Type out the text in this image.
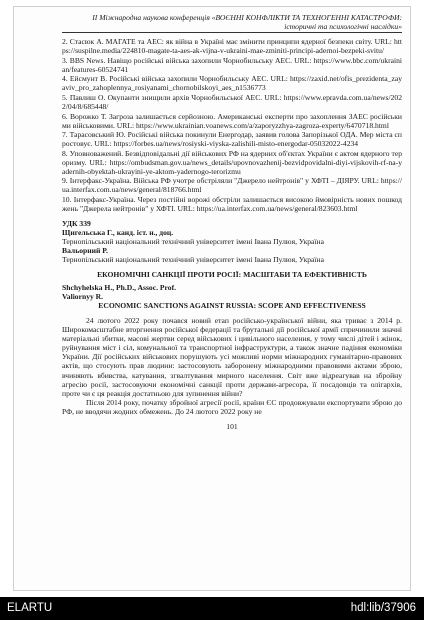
ІІ Міжнародна наукова конференція «ВОЄННІ КОНФЛІКТИ ТА ТЕХНОГЕННІ КАТАСТРОФИ: історичні та психологічні наслідки»
2. Стасюк А. МАГАТЕ та АЕС: як війна в Україні має змінити принципи ядерної безпеки світу. URL: https://suspilne.media/224810-magate-ta-aes-ak-vijna-v-ukraini-mae-zminiti-principi-adernoi-bezpeki-svitu/
3. BBS News. Навіщо російські війська захопили Чорнобильську АЕС. URL: https://www.bbc.com/ukrainian/features-60524741
4. Ейсмунт В. Російські війська захопили Чорнобильську АЕС. URL: https://zaxid.net/ofis_prezidenta_zayaviv_pro_zahoplennya_rosiyanami_chornobilskoyi_aes_n1536773
5. Павлиш О. Окупанти знищили архів Чорнобильської АЕС. URL: https://www.epravda.com.ua/news/2022/04/8/685448/
6. Ворожко Т. Загроза залишається серйозною. Американські експерти про захоплення ЗАЕС російськими військовими. URL: https://www.ukrainian.voanews.com/a/zaporyzzhya-zagroza-experty/6470718.html
7. Тарасовський Ю. Російські війська покинули Енергодар, заявив голова Запорізької ОДА. Мер міста спростовує. URL: https://forbes.ua/news/rosiyski-viyska-zalishili-misto-energodar-05032022-4234
8. Уповноважений. Безвідповідальні дії військових РФ на ядерних об'єктах України є актом ядерного тероризму. URL: https://ombudsman.gov.ua/news_details/upovnovazhenij-bezvidpovidalni-diyi-vijskovih-rf-na-yadernih-obyektah-ukrayini-ye-aktom-yadernogo-terorizmu
9. Інтерфакс-Україна. Війська РФ учотре обстріляли "Джерело нейтронів" у ХФТІ – ДІЯРУ. URL: https://ua.interfax.com.ua/news/general/818766.html
10. Інтерфакс-Україна. Через постійні ворожі обстріли залишається високою ймовірність нових пошкоджень "Джерела нейтронів" у ХФТІ. URL: https://ua.interfax.com.ua/news/general/823603.html
УДК 339
Щигельська Г., канд. іст. н., доц.
Тернопільський національний технічний університет імені Івана Пулюя, Україна
Вальорний Р.
Тернопільський національний технічний університет імені Івана Пулюя, Україна
ЕКОНОМІЧНІ САНКЦІЇ ПРОТИ РОСІЇ: МАСШТАБИ ТА ЕФЕКТИВНІСТЬ
Shchyhelska H., Ph.D., Assoc. Prof.
Valiornyy R.
ECONOMIC SANCTIONS AGAINST RUSSIA: SCOPE AND EFFECTIVENESS
24 лютого 2022 року почався новий етап російсько-української війни, яка триває з 2014 р. Широкомасштабне вторгнення російської федерації та брутальні дії російської армії спричинили значні матеріальні збитки, масові жертви серед військових і цивільного населення, у тому числі дітей і жінок, руйнування міст і сіл, комунальної та транспортної інфраструктури, а також значне падіння економіки України. Дії російських військових порушують усі можливі норми міжнародних гуманітарно-правових актів, що стосують прав людини: застосовують заборонену міжнародними правовими актами зброю, вчиняють вбивства, катування, згвалтування мирного населення. Світ вже відреагував на збройну агресію росії, застосовуючи економічні санкції проти держави-агресора, її посадовців та олігархів, проте чи є ця реакція достатньою для зупинення війни?
Після 2014 року, початку збройної агресії росії, країни ЄС продовжували експортувати зброю до РФ, не вводячи жодних обмежень. До 24 лютого 2022 року не
101
ELARTU	hdl:lib/37906
